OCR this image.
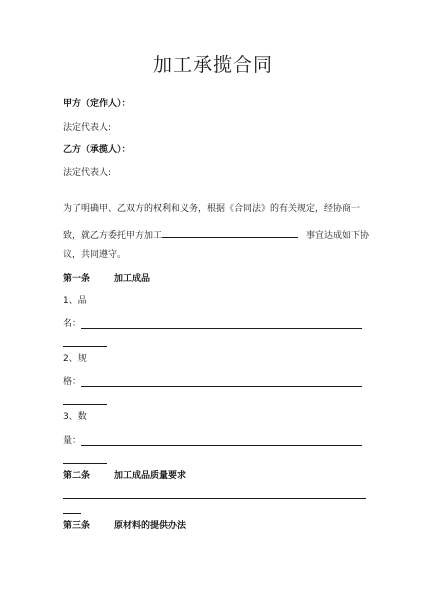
加工承揽合同
甲方（定作人）：
法定代表人:
乙方（承揽人）：
法定代表人:
为了明确甲、乙双方的权利和义务，根据《合同法》的有关规定，经协商一
致，就乙方委托甲方加工	事宜达成如下协
议，共同遵守。
第一条	加工成品
1、品
名：
2、规
格：
3、数
量：
第二条	加工成品质量要求
第三条	原材料的提供办法
